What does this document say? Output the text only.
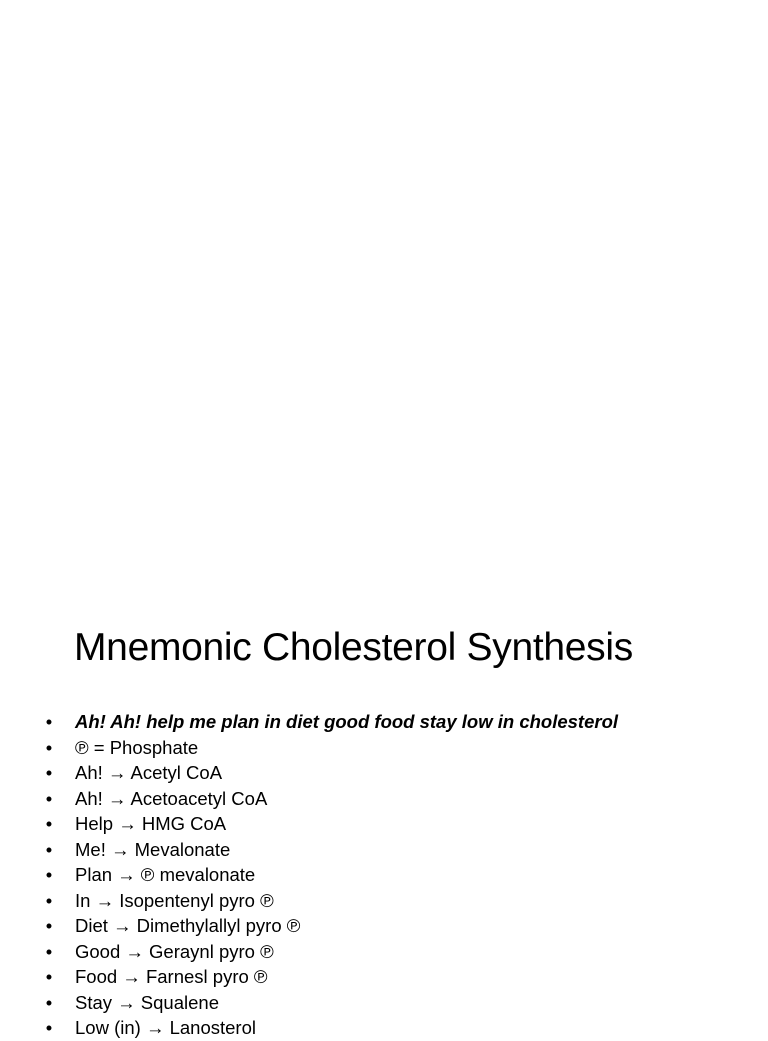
Mnemonic Cholesterol Synthesis
• Ah! Ah! help me plan in diet good food stay low in cholesterol
• ℗ = Phosphate
• Ah! → Acetyl CoA
• Ah! → Acetoacetyl CoA
• Help → HMG CoA
• Me! → Mevalonate
• Plan → ℗ mevalonate
• In → Isopentenyl pyro ℗
• Diet → Dimethylallyl pyro ℗
• Good → Geraynl pyro ℗
• Food → Farnesl pyro ℗
• Stay → Squalene
• Low (in) → Lanosterol
